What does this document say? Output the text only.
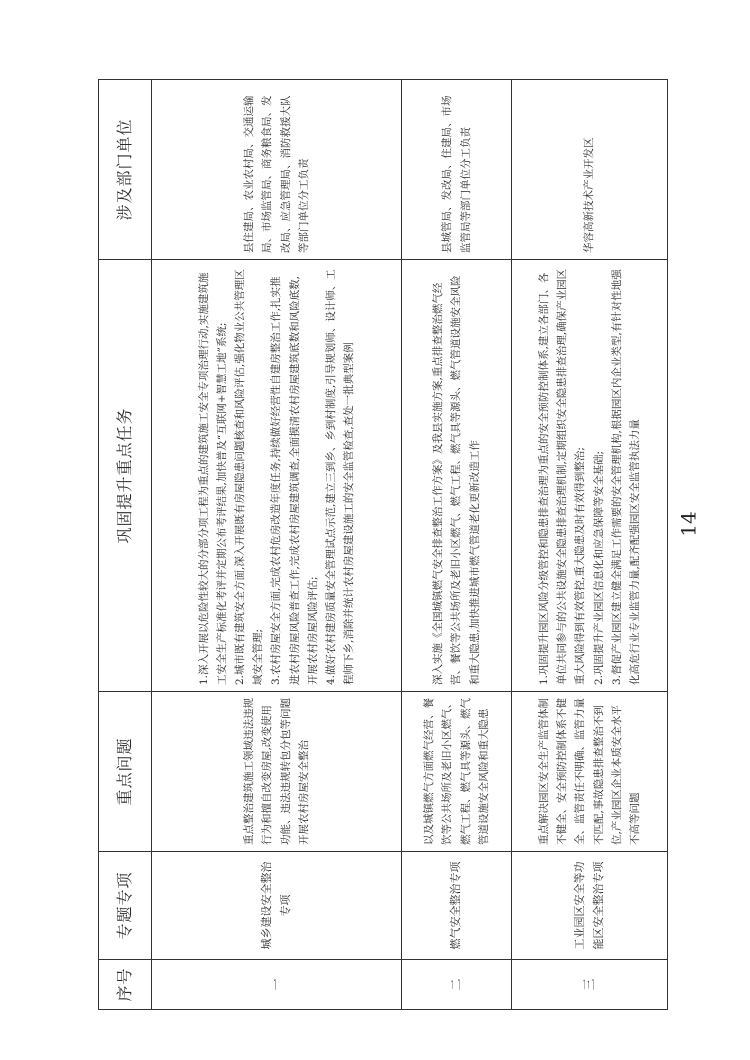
序号	专题专项	重点问题	巩固提升重点任务	涉及部门单位
一	城乡建设安全整治专项	重点整治建筑施工领域违法违规行为和擅自改变房屋,改变使用功能、违法违规转包分包等问题开展农村房屋安全整治	1.深入开展以危险性较大的分部分项工程为重点的建筑施工安全专项治理行动,实施建筑施工安全生产标准化考评并定期公布考评结果,加快普及“互联网+智慧工地”系统; 2.城市既有建筑安全方面,深入开展既有房屋隐患问题核查和风险评估,强化物业公共管理区域安全管理; 3.农村房屋安全方面,完成农村危房改造年度任务,持续做好经营性自建房整治工作,扎实推进农村房屋风险普查工作,完成农村房屋建筑调查,全面摸清农村房屋建筑底数和风险底数,开展农村房屋风险评估; 4.做好农村建房质量安全管理试点示范,建立三到乡、乡到村制度,引导规划师、设计师、工程师下乡,消除并统计农村房屋建设施工的安全监管检查,查处一批典型案例	县住建局、农业农村局、交通运输局、市场监管局、商务粮食局、发改局、应急管理局、消防救援大队等部门单位分工负责
二	燃气安全整治专项	以及城镇燃气方面燃气经营、餐饮等公共场所及老旧小区燃气、燃气工程、燃气具等源头、燃气管道设施安全风险和重大隐患	深入实施《全国城镇燃气安全排查整治工作方案》及我县实施方案,重点排查整治燃气经营、餐饮等公共场所及老旧小区燃气、燃气工程、燃气具等源头、燃气管道设施安全风险和重大隐患,加快推进城市燃气管道老化更新改造工作	县城管局、发改局、住建局、市场监管局等部门单位分工负责
三	工业园区安全等功能区安全整治专项	重点解决园区安全生产监管体制不健全、安全预防控制体系不健全、监管责任不明确、监管力量不匹配,事故隐患排查整治不到位,产业园区企业本质安全水平不高等问题	1.巩固提升园区风险分级管控和隐患排查治理为重点的安全预防控制体系,建立各部门、各单位共同参与的公共设施安全隐患排查治理机制,定期组织安全隐患排查治理,确保产业园区重大风险得到有效管控,重大隐患及时有效得到整治; 2.巩固提升产业园区信息化和应急保障等安全基础; 3.督促产业园区建立健全满足工作需要的安全管理机构,根据园区内企业类型,有针对性地强化高危行业专业监管力量,配齐配强园区安全监管执法力量	华容高新技术产业开发区
14
